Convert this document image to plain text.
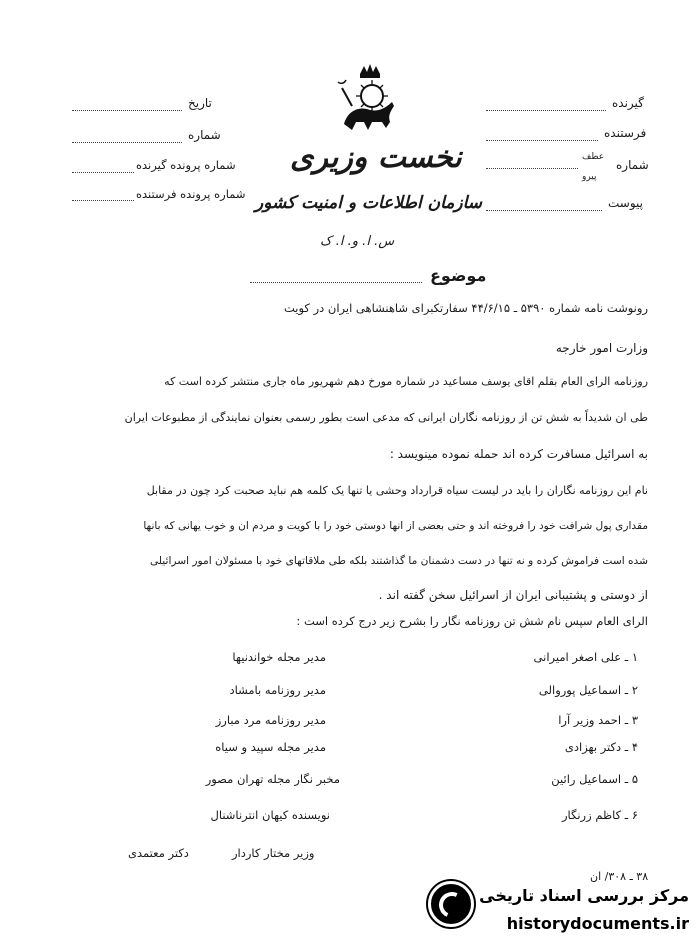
نخست وزیری
سازمان اطلاعات و امنیت کشور
س. ا. و. ا. ک
تاریخ
شماره
شماره پرونده گیرنده
شماره پرونده فرستنده
گیرنده
فرستنده
شماره
عطف
پیرو
پیوست
موضوع
رونوشت نامه شماره ۵۳۹۰ ـ ۴۴/۶/۱۵ سفارتکبرای شاهنشاهی ایران در کویت
وزارت امور خارجه
روزنامه الرای العام بقلم اقای یوسف مساعید در شماره مورخ دهم شهریور ماه جاری منتشر کرده است که
طی ان شدیداً به شش تن از روزنامه نگاران ایرانی که مدعی است بطور رسمی بعنوان نمایندگی از مطبوعات ایران
به اسرائیل مسافرت کرده اند حمله نموده مینویسد :
نام این روزنامه نگاران را باید در لیست سیاه قرارداد وحشی یا تنها یک کلمه هم نباید صحبت کرد چون در مقابل
مقداری پول شرافت خود را فروخته اند و حتی بعضی از انها دوستی خود را با کویت و مردم ان و خوب یهانی که بانها
شده است فراموش کرده و نه تنها در دست دشمنان ما گذاشتند بلکه طی ملاقاتهای خود با مسئولان امور اسرائیلی
از دوستی و پشتیبانی ایران از اسرائیل سخن گفته اند .
الرای العام سپس نام شش تن روزنامه نگار را بشرح زیر درج کرده است :
۱ ـ علی اصغر امیرانی
مدیر مجله خواندنیها
۲ ـ اسماعیل پوروالی
مدیر روزنامه بامشاد
۳ ـ احمد وزیر آرا
مدیر روزنامه مرد مبارز
۴ ـ دکتر بهزادی
مدیر مجله سپید و سیاه
۵ ـ اسماعیل رائین
مخبر نگار مجله تهران مصور
۶ ـ کاظم زرنگار
نویسنده کیهان انترناشنال
دکتر معتمدی	وزیر مختار کاردار
۳۸ ـ ۳۰۸/ ان
مرکز بررسی اسناد تاریخی
historydocuments.ir
